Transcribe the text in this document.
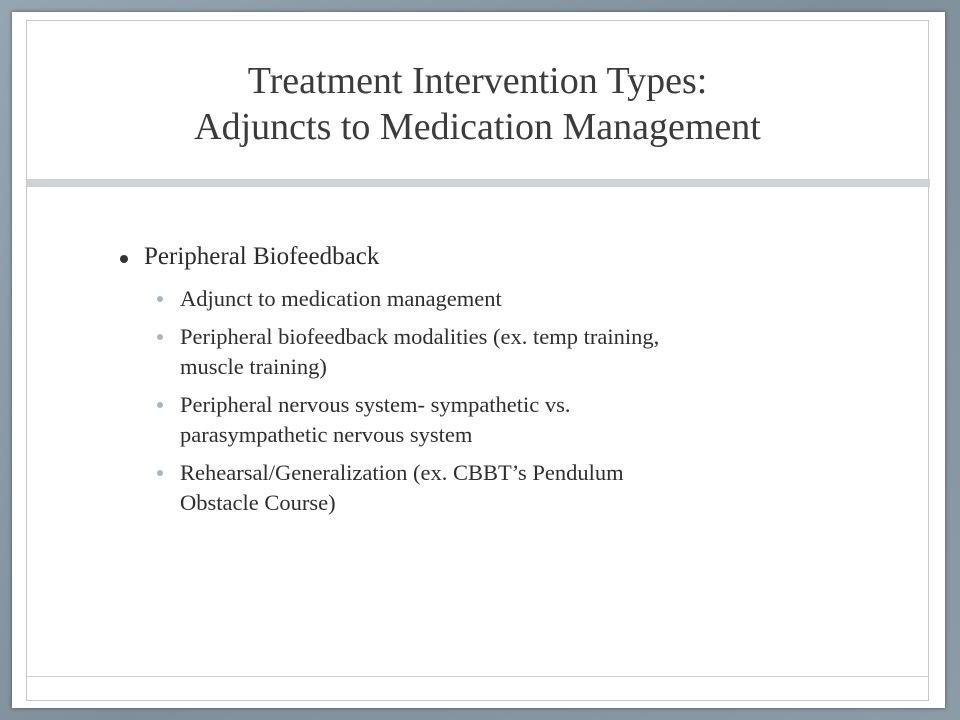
Treatment Intervention Types:
Adjuncts to Medication Management
Peripheral Biofeedback
Adjunct to medication management
Peripheral biofeedback modalities (ex. temp training,
muscle training)
Peripheral nervous system- sympathetic vs.
parasympathetic nervous system
Rehearsal/Generalization (ex. CBBT’s Pendulum
Obstacle Course)
